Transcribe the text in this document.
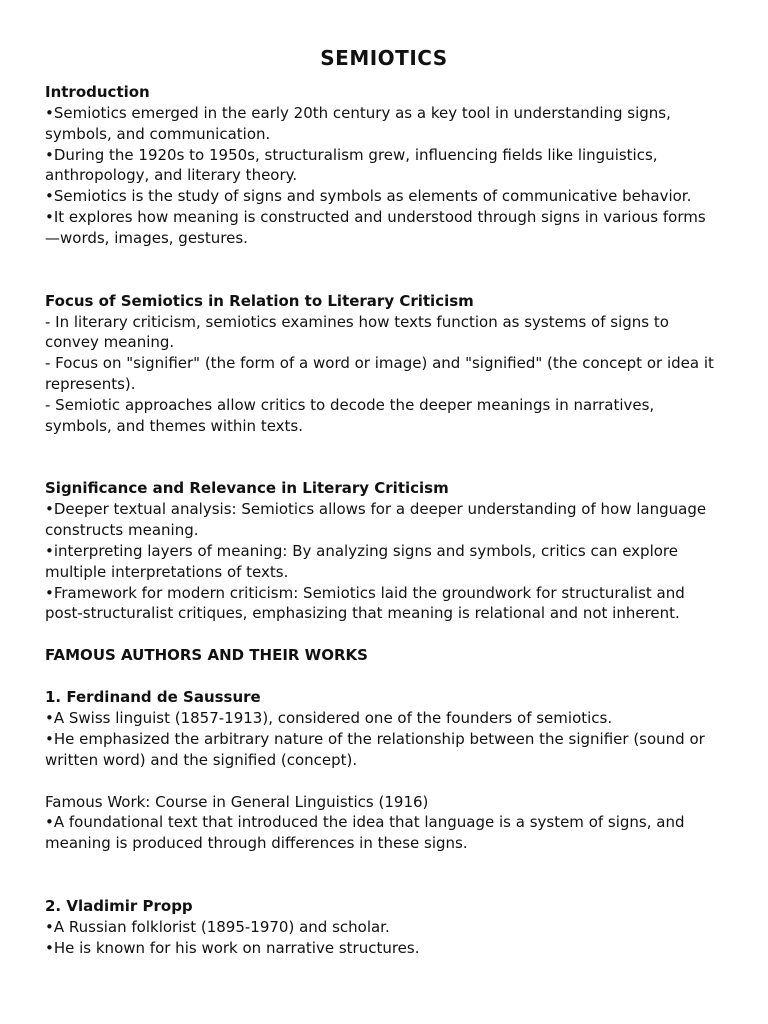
SEMIOTICS

Introduction

•Semiotics emerged in the early 20th century as a key tool in understanding signs, symbols, and communication.

•During the 1920s to 1950s, structuralism grew, influencing fields like linguistics, anthropology, and literary theory.

•Semiotics is the study of signs and symbols as elements of communicative behavior.

•It explores how meaning is constructed and understood through signs in various forms —words, images, gestures.

Focus of Semiotics in Relation to Literary Criticism

- In literary criticism, semiotics examines how texts function as systems of signs to convey meaning.

- Focus on "signifier" (the form of a word or image) and "signified" (the concept or idea it represents).

- Semiotic approaches allow critics to decode the deeper meanings in narratives, symbols, and themes within texts.

Significance and Relevance in Literary Criticism

•Deeper textual analysis: Semiotics allows for a deeper understanding of how language constructs meaning.

•interpreting layers of meaning: By analyzing signs and symbols, critics can explore multiple interpretations of texts.

•Framework for modern criticism: Semiotics laid the groundwork for structuralist and post-structuralist critiques, emphasizing that meaning is relational and not inherent.

FAMOUS AUTHORS AND THEIR WORKS

1. Ferdinand de Saussure

•A Swiss linguist (1857-1913), considered one of the founders of semiotics.

•He emphasized the arbitrary nature of the relationship between the signifier (sound or written word) and the signified (concept).

Famous Work: Course in General Linguistics (1916)

•A foundational text that introduced the idea that language is a system of signs, and meaning is produced through differences in these signs.

2. Vladimir Propp

•A Russian folklorist (1895-1970) and scholar.

•He is known for his work on narrative structures.
